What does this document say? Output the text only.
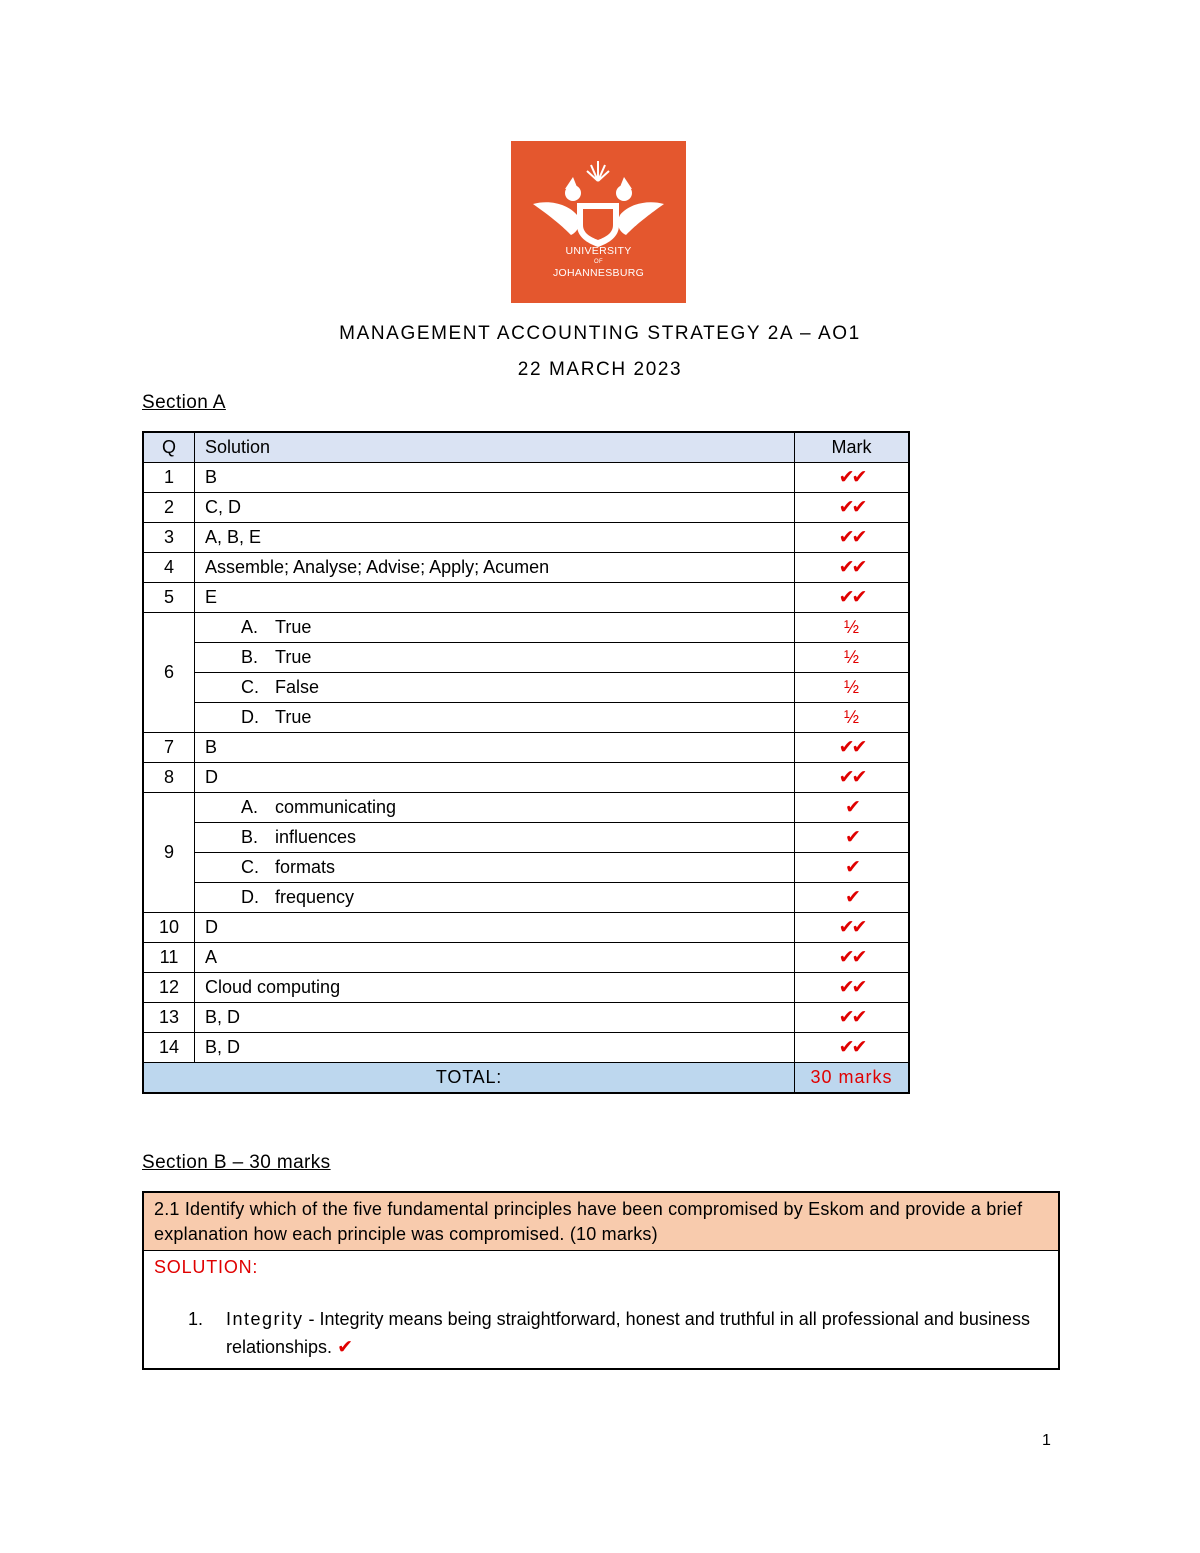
UNIVERSITY
OF
JOHANNESBURG
MANAGEMENT ACCOUNTING STRATEGY 2A – AO1
22 MARCH 2023
Section A
Q	Solution	Mark
1	B	✔✔
2	C, D	✔✔
3	A, B, E	✔✔
4	Assemble; Analyse; Advise; Apply; Acumen	✔✔
5	E	✔✔
6	A. True	½
	B. True	½
	C. False	½
	D. True	½
7	B	✔✔
8	D	✔✔
9	A. communicating	✔
	B. influences	✔
	C. formats	✔
	D. frequency	✔
10	D	✔✔
11	A	✔✔
12	Cloud computing	✔✔
13	B, D	✔✔
14	B, D	✔✔
TOTAL:		30 marks
Section B – 30 marks
2.1 Identify which of the five fundamental principles have been compromised by Eskom and provide a brief explanation how each principle was compromised. (10 marks)
SOLUTION:
1.	Integrity - Integrity means being straightforward, honest and truthful in all professional and business relationships. ✔
1
